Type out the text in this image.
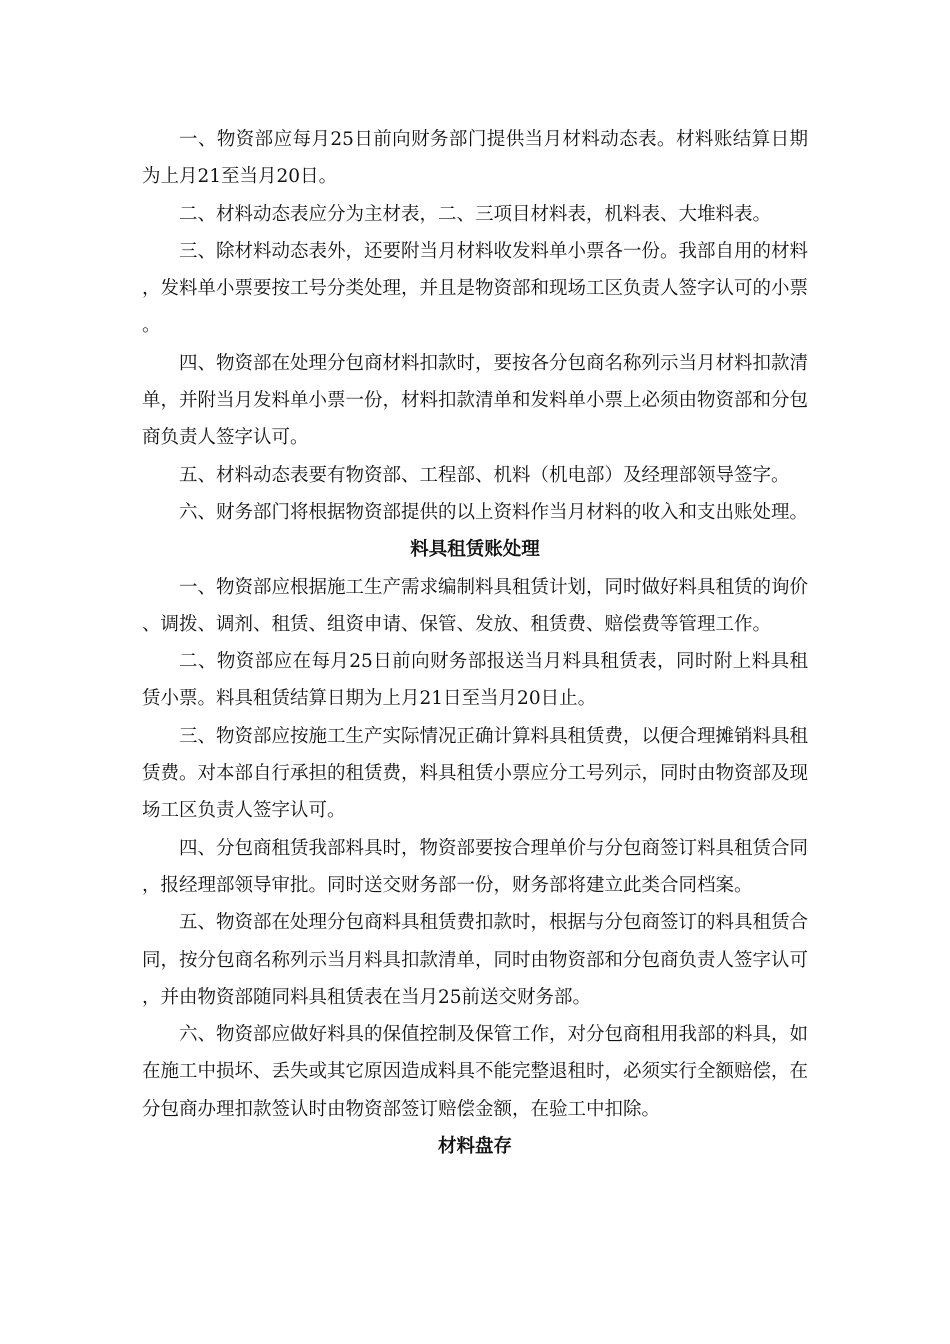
一、物资部应每月25日前向财务部门提供当月材料动态表。材料账结算日期为上月21至当月20日。

二、材料动态表应分为主材表，二、三项目材料表，机料表、大堆料表。

三、除材料动态表外，还要附当月材料收发料单小票各一份。我部自用的材料，发料单小票要按工号分类处理，并且是物资部和现场工区负责人签字认可的小票。

四、物资部在处理分包商材料扣款时，要按各分包商名称列示当月材料扣款清单，并附当月发料单小票一份，材料扣款清单和发料单小票上必须由物资部和分包商负责人签字认可。

五、材料动态表要有物资部、工程部、机料（机电部）及经理部领导签字。

六、财务部门将根据物资部提供的以上资料作当月材料的收入和支出账处理。

料具租赁账处理

一、物资部应根据施工生产需求编制料具租赁计划，同时做好料具租赁的询价、调拨、调剂、租赁、组资申请、保管、发放、租赁费、赔偿费等管理工作。

二、物资部应在每月25日前向财务部报送当月料具租赁表，同时附上料具租赁小票。料具租赁结算日期为上月21日至当月20日止。

三、物资部应按施工生产实际情况正确计算料具租赁费，以便合理摊销料具租赁费。对本部自行承担的租赁费，料具租赁小票应分工号列示，同时由物资部及现场工区负责人签字认可。

四、分包商租赁我部料具时，物资部要按合理单价与分包商签订料具租赁合同，报经理部领导审批。同时送交财务部一份，财务部将建立此类合同档案。

五、物资部在处理分包商料具租赁费扣款时，根据与分包商签订的料具租赁合同，按分包商名称列示当月料具扣款清单，同时由物资部和分包商负责人签字认可，并由物资部随同料具租赁表在当月25前送交财务部。

六、物资部应做好料具的保值控制及保管工作，对分包商租用我部的料具，如在施工中损坏、丢失或其它原因造成料具不能完整退租时，必须实行全额赔偿，在分包商办理扣款签认时由物资部签订赔偿金额，在验工中扣除。

材料盘存
